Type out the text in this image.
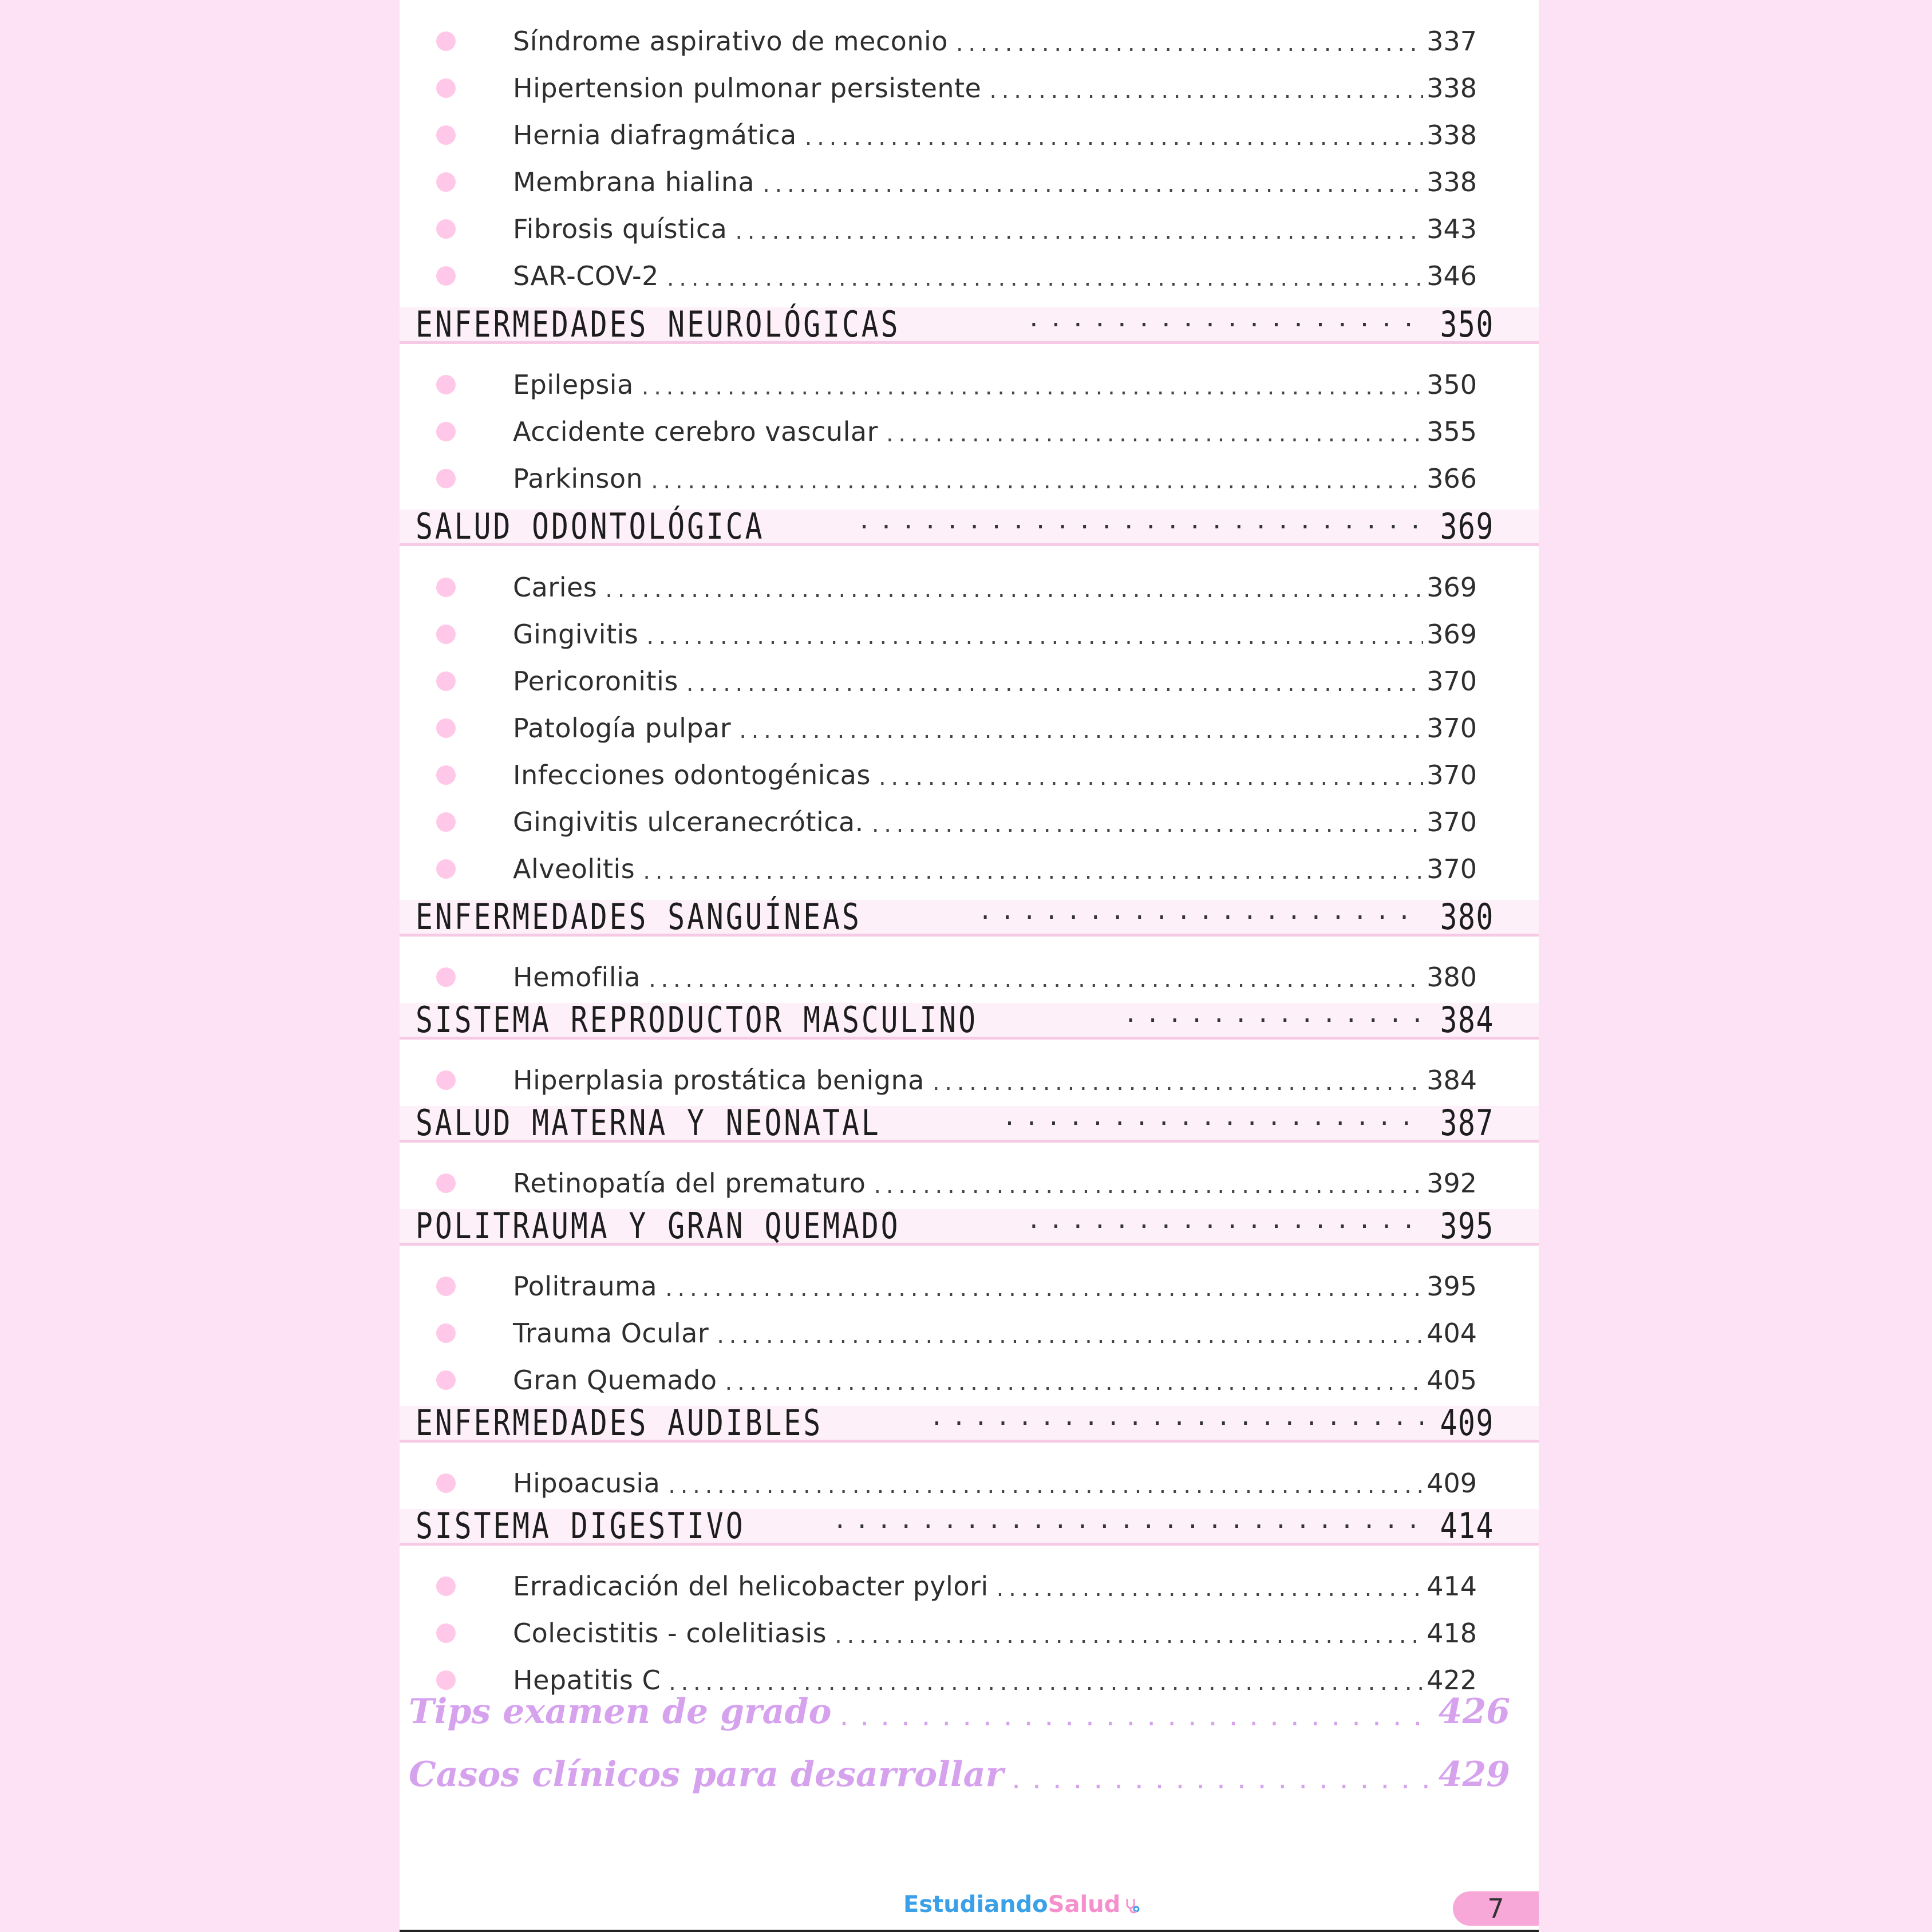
Síndrome aspirativo de meconio . . .	337
Hipertension pulmonar persistente . . .	338
Hernia diafragmática . . .	338
Membrana hialina . . .	338
Fibrosis quística . . .	343
SAR-COV-2 . . .	346
ENFERMEDADES NEUROLÓGICAS . . .	350
Epilepsia . . .	350
Accidente cerebro vascular . . .	355
Parkinson . . .	366
SALUD ODONTOLÓGICA . . .	369
Caries . . .	369
Gingivitis . . .	369
Pericoronitis . . .	370
Patología pulpar . . .	370
Infecciones odontogénicas . . .	370
Gingivitis ulceranecrótica. . . .	370
Alveolitis . . .	370
ENFERMEDADES SANGUÍNEAS . . .	380
Hemofilia . . .	380
SISTEMA REPRODUCTOR MASCULINO . . .	384
Hiperplasia prostática benigna . . .	384
SALUD MATERNA Y NEONATAL . . .	387
Retinopatía del prematuro . . .	392
POLITRAUMA Y GRAN QUEMADO . . .	395
Politrauma . . .	395
Trauma Ocular . . .	404
Gran Quemado . . .	405
ENFERMEDADES AUDIBLES . . .	409
Hipoacusia . . .	409
SISTEMA DIGESTIVO . . .	414
Erradicación del helicobacter pylori . . .	414
Colecistitis - colelitiasis . . .	418
Hepatitis C . . .	422
Tips examen de grado . . .	426
Casos clínicos para desarrollar . . .	429
EstudiandoSalud	7
